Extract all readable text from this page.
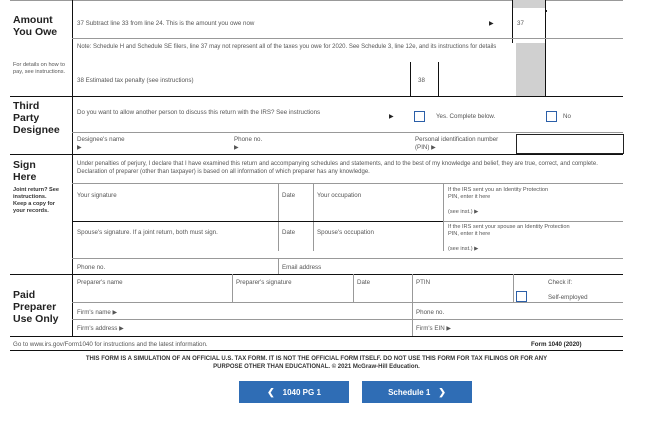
Amount
You Owe
37 Subtract line 33 from line 24. This is the amount you owe now	▶	37
Note: Schedule H and Schedule SE filers, line 37 may not represent all of the taxes you owe for 2020. See Schedule 3, line 12e, and its instructions for details
For details on how to pay, see instructions.
38 Estimated tax penalty (see instructions)	38
Third
Party
Designee
Do you want to allow another person to discuss this return with the IRS? See instructions
▶	Yes. Complete below.	No
Designee's name ▶
Phone no. ▶
Personal identification number (PIN) ▶
Sign
Here
Joint return? See instructions. Keep a copy for your records.
Under penalties of perjury, I declare that I have examined this return and accompanying schedules and statements, and to the best of my knowledge and belief, they are true, correct, and complete. Declaration of preparer (other than taxpayer) is based on all information of which preparer has any knowledge.
Your signature	Date	Your occupation
If the IRS sent you an Identity Protection PIN, enter it here
(see inst.) ▶
Spouse's signature. If a joint return, both must sign.	Date	Spouse's occupation
If the IRS sent your spouse an Identity Protection PIN, enter it here
(see inst.) ▶
Phone no.	Email address
Paid
Preparer
Use Only
Preparer's name	Preparer's signature	Date	PTIN	Check if:
Self-employed
Firm's name ▶	Phone no.
Firm's address ▶	Firm's EIN ▶
Go to www.irs.gov/Form1040 for instructions and the latest information.	Form 1040 (2020)
THIS FORM IS A SIMULATION OF AN OFFICIAL U.S. TAX FORM. IT IS NOT THE OFFICIAL FORM ITSELF. DO NOT USE THIS FORM FOR TAX FILINGS OR FOR ANY
PURPOSE OTHER THAN EDUCATIONAL. © 2021 McGraw-Hill Education.
❮ 1040 PG 1	Schedule 1 ❯
